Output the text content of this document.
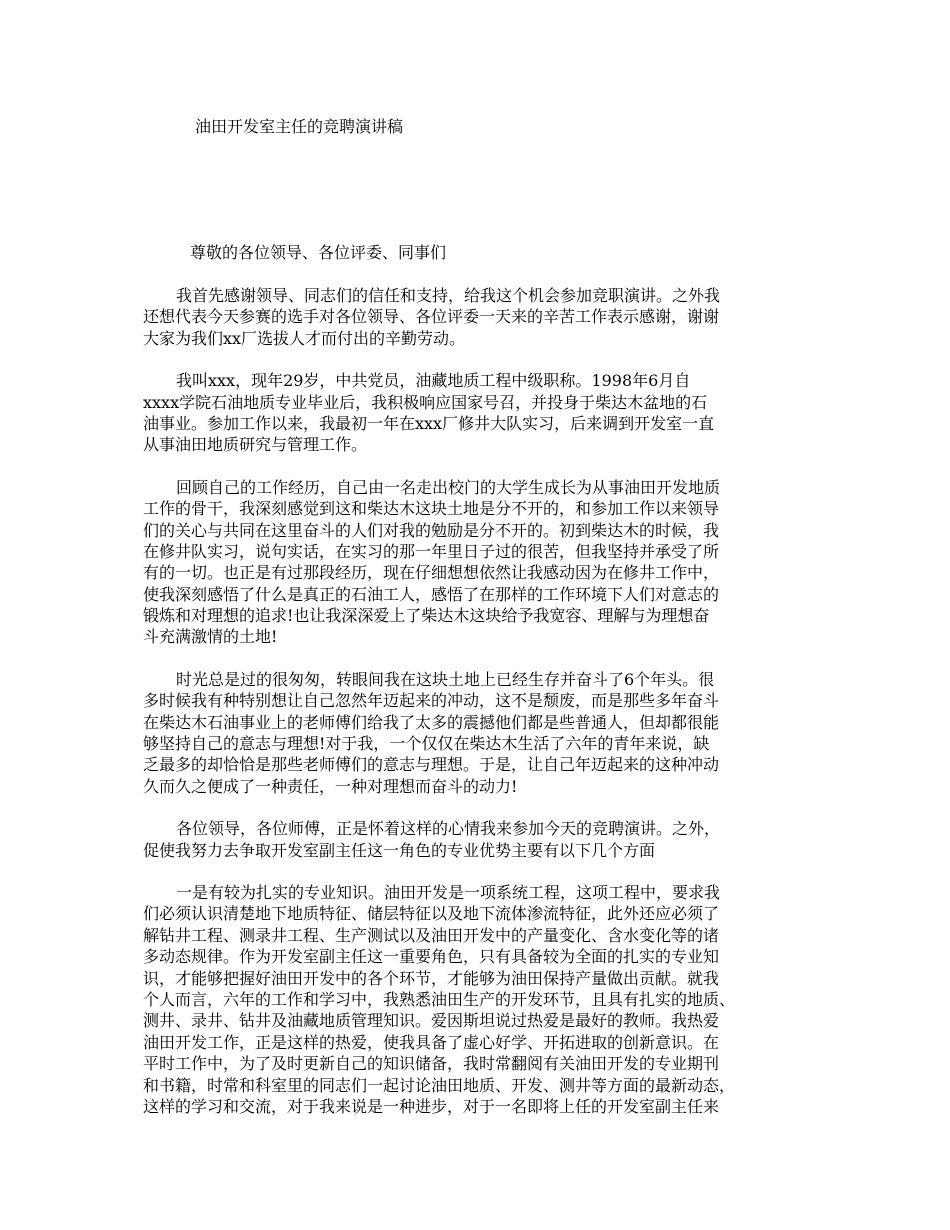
油田开发室主任的竞聘演讲稿
尊敬的各位领导、各位评委、同事们
我首先感谢领导、同志们的信任和支持，给我这个机会参加竞职演讲。之外我
还想代表今天参赛的选手对各位领导、各位评委一天来的辛苦工作表示感谢，谢谢
大家为我们xx厂选拔人才而付出的辛勤劳动。
我叫xxx，现年29岁，中共党员，油藏地质工程中级职称。1998年6月自
xxxx学院石油地质专业毕业后，我积极响应国家号召，并投身于柴达木盆地的石
油事业。参加工作以来，我最初一年在xxx厂修井大队实习，后来调到开发室一直
从事油田地质研究与管理工作。
回顾自己的工作经历，自己由一名走出校门的大学生成长为从事油田开发地质
工作的骨干，我深刻感觉到这和柴达木这块土地是分不开的，和参加工作以来领导
们的关心与共同在这里奋斗的人们对我的勉励是分不开的。初到柴达木的时候，我
在修井队实习，说句实话，在实习的那一年里日子过的很苦，但我坚持并承受了所
有的一切。也正是有过那段经历，现在仔细想想依然让我感动因为在修井工作中，
使我深刻感悟了什么是真正的石油工人，感悟了在那样的工作环境下人们对意志的
锻炼和对理想的追求!也让我深深爱上了柴达木这块给予我宽容、理解与为理想奋
斗充满激情的土地!
时光总是过的很匆匆，转眼间我在这块土地上已经生存并奋斗了6个年头。很
多时候我有种特别想让自己忽然年迈起来的冲动，这不是颓废，而是那些多年奋斗
在柴达木石油事业上的老师傅们给我了太多的震撼他们都是些普通人，但却都很能
够坚持自己的意志与理想!对于我，一个仅仅在柴达木生活了六年的青年来说，缺
乏最多的却恰恰是那些老师傅们的意志与理想。于是，让自己年迈起来的这种冲动
久而久之便成了一种责任，一种对理想而奋斗的动力!
各位领导，各位师傅，正是怀着这样的心情我来参加今天的竞聘演讲。之外，
促使我努力去争取开发室副主任这一角色的专业优势主要有以下几个方面
一是有较为扎实的专业知识。油田开发是一项系统工程，这项工程中，要求我
们必须认识清楚地下地质特征、储层特征以及地下流体渗流特征，此外还应必须了
解钻井工程、测录井工程、生产测试以及油田开发中的产量变化、含水变化等的诸
多动态规律。作为开发室副主任这一重要角色，只有具备较为全面的扎实的专业知
识，才能够把握好油田开发中的各个环节，才能够为油田保持产量做出贡献。就我
个人而言，六年的工作和学习中，我熟悉油田生产的开发环节，且具有扎实的地质、
测井、录井、钻井及油藏地质管理知识。爱因斯坦说过热爱是最好的教师。我热爱
油田开发工作，正是这样的热爱，使我具备了虚心好学、开拓进取的创新意识。在
平时工作中，为了及时更新自己的知识储备，我时常翻阅有关油田开发的专业期刊
和书籍，时常和科室里的同志们一起讨论油田地质、开发、测井等方面的最新动态，
这样的学习和交流，对于我来说是一种进步，对于一名即将上任的开发室副主任来
